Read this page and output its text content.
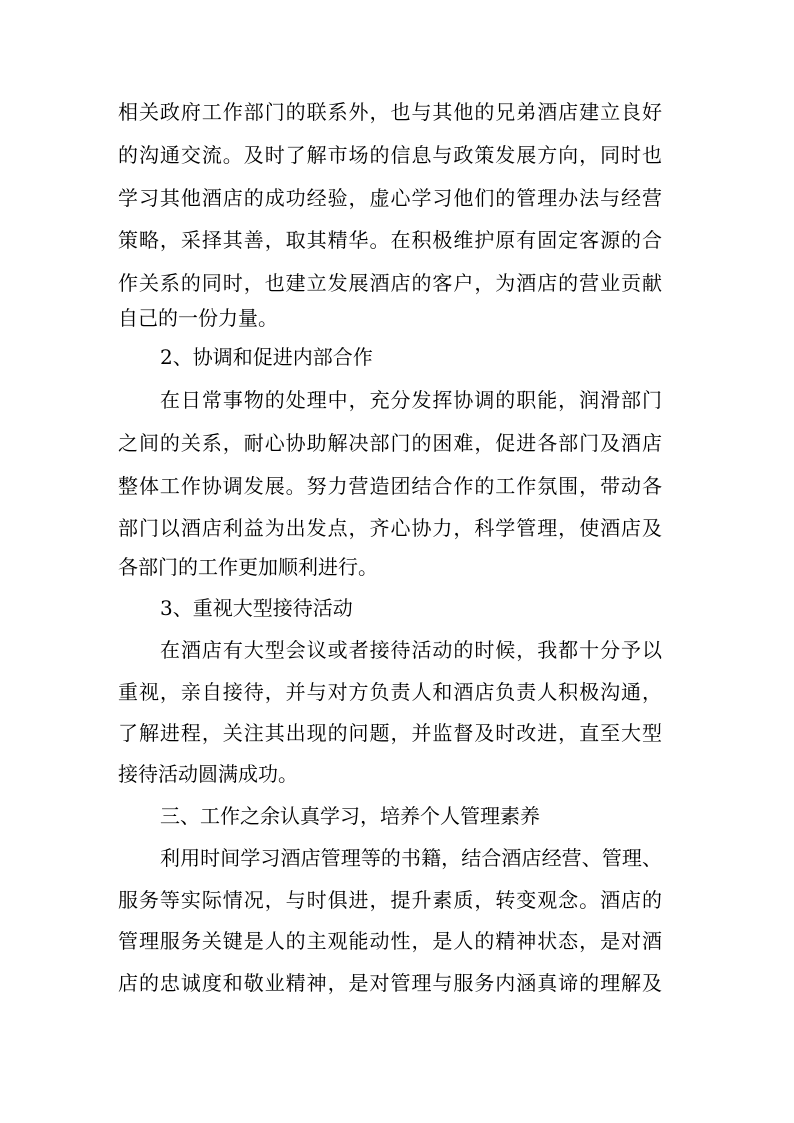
相关政府工作部门的联系外，也与其他的兄弟酒店建立良好
的沟通交流。及时了解市场的信息与政策发展方向，同时也
学习其他酒店的成功经验，虚心学习他们的管理办法与经营
策略，采择其善，取其精华。在积极维护原有固定客源的合
作关系的同时，也建立发展酒店的客户，为酒店的营业贡献
自己的一份力量。
2、协调和促进内部合作
在日常事物的处理中，充分发挥协调的职能，润滑部门
之间的关系，耐心协助解决部门的困难，促进各部门及酒店
整体工作协调发展。努力营造团结合作的工作氛围，带动各
部门以酒店利益为出发点，齐心协力，科学管理，使酒店及
各部门的工作更加顺利进行。
3、重视大型接待活动
在酒店有大型会议或者接待活动的时候，我都十分予以
重视，亲自接待，并与对方负责人和酒店负责人积极沟通，
了解进程，关注其出现的问题，并监督及时改进，直至大型
接待活动圆满成功。
三、工作之余认真学习，培养个人管理素养
利用时间学习酒店管理等的书籍，结合酒店经营、管理、
服务等实际情况，与时俱进，提升素质，转变观念。酒店的
管理服务关键是人的主观能动性，是人的精神状态，是对酒
店的忠诚度和敬业精神，是对管理与服务内涵真谛的理解及
